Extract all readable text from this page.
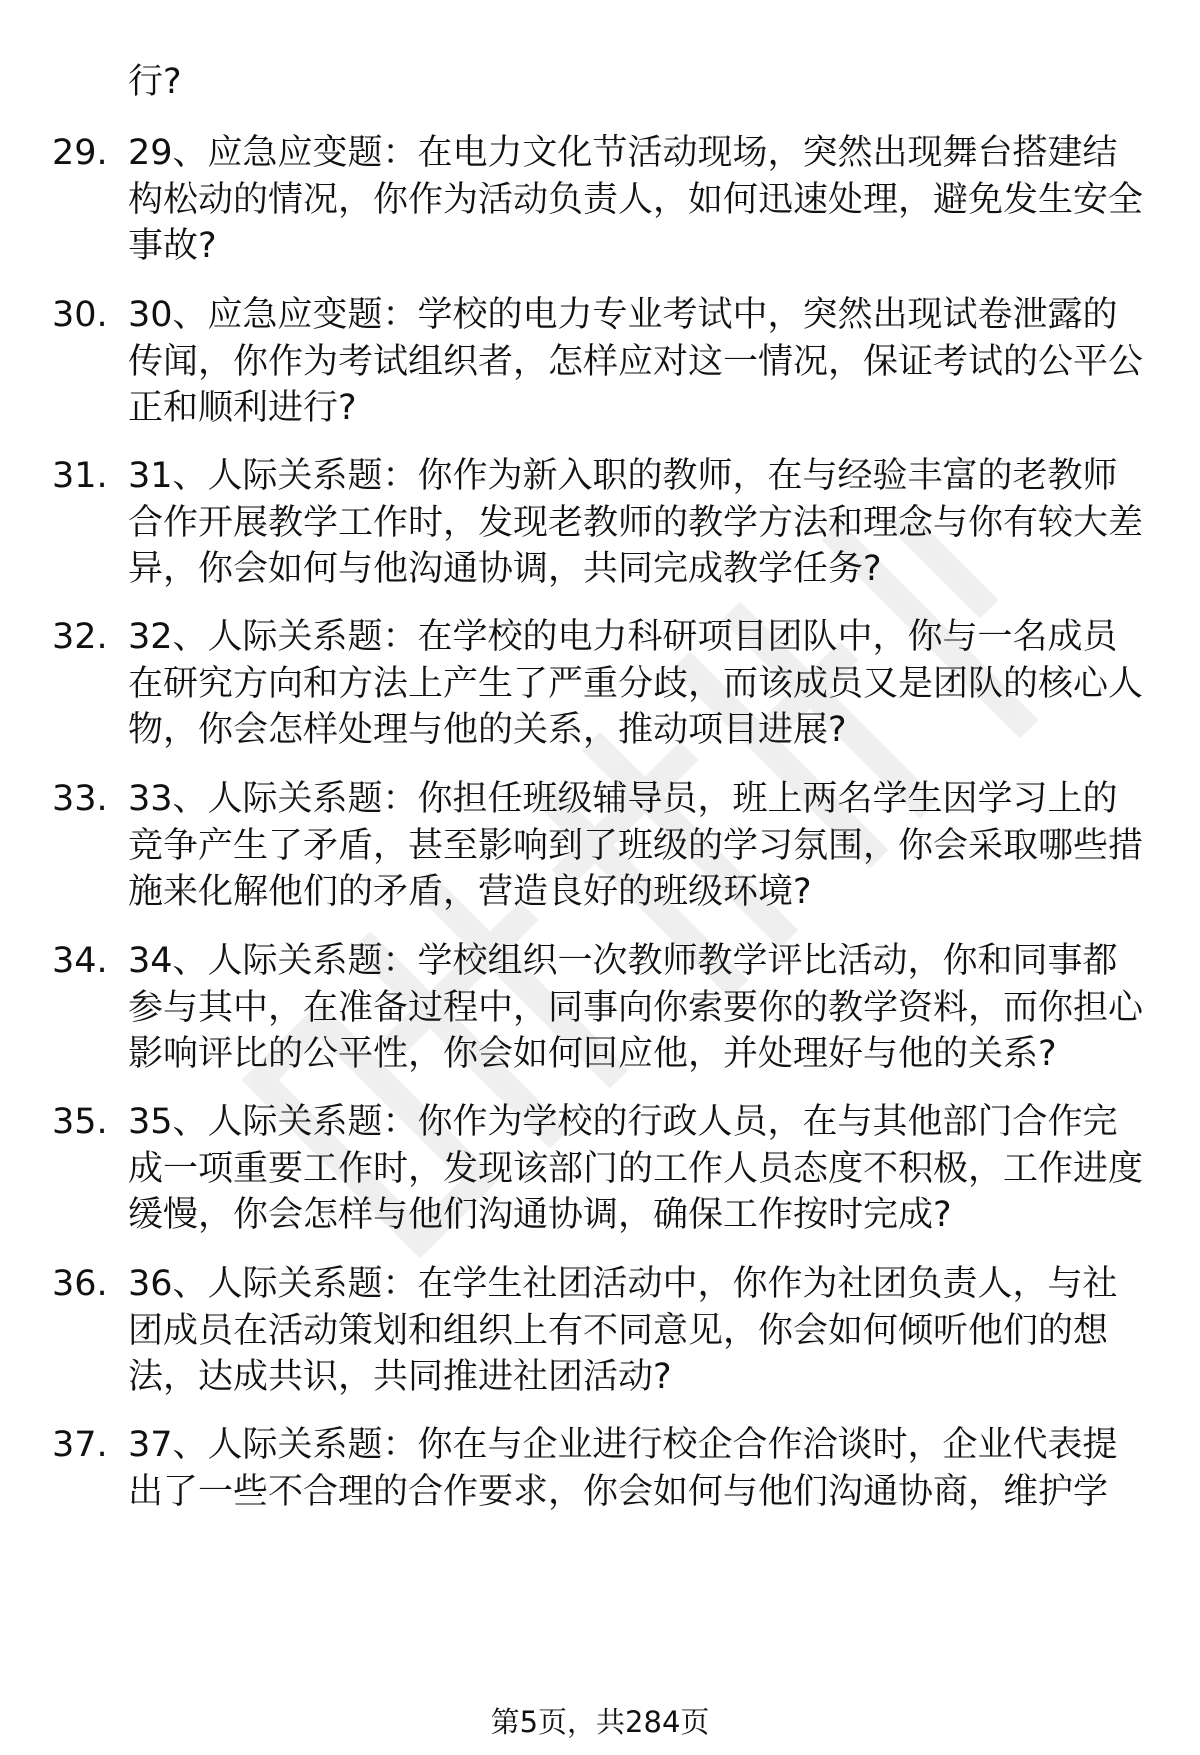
行?

29. 29、应急应变题：在电力文化节活动现场，突然出现舞台搭建结构松动的情况，你作为活动负责人，如何迅速处理，避免发生安全事故?
30. 30、应急应变题：学校的电力专业考试中，突然出现试卷泄露的传闻，你作为考试组织者，怎样应对这一情况，保证考试的公平公正和顺利进行?
31. 31、人际关系题：你作为新入职的教师，在与经验丰富的老教师合作开展教学工作时，发现老教师的教学方法和理念与你有较大差异，你会如何与他沟通协调，共同完成教学任务?
32. 32、人际关系题：在学校的电力科研项目团队中，你与一名成员在研究方向和方法上产生了严重分歧，而该成员又是团队的核心人物，你会怎样处理与他的关系，推动项目进展?
33. 33、人际关系题：你担任班级辅导员，班上两名学生因学习上的竞争产生了矛盾，甚至影响到了班级的学习氛围，你会采取哪些措施来化解他们的矛盾，营造良好的班级环境?
34. 34、人际关系题：学校组织一次教师教学评比活动，你和同事都参与其中，在准备过程中，同事向你索要你的教学资料，而你担心影响评比的公平性，你会如何回应他，并处理好与他的关系?
35. 35、人际关系题：你作为学校的行政人员，在与其他部门合作完成一项重要工作时，发现该部门的工作人员态度不积极，工作进度缓慢，你会怎样与他们沟通协调，确保工作按时完成?
36. 36、人际关系题：在学生社团活动中，你作为社团负责人，与社团成员在活动策划和组织上有不同意见，你会如何倾听他们的想法，达成共识，共同推进社团活动?
37. 37、人际关系题：你在与企业进行校企合作洽谈时，企业代表提出了一些不合理的合作要求，你会如何与他们沟通协商，维护学
第5页，共284页
